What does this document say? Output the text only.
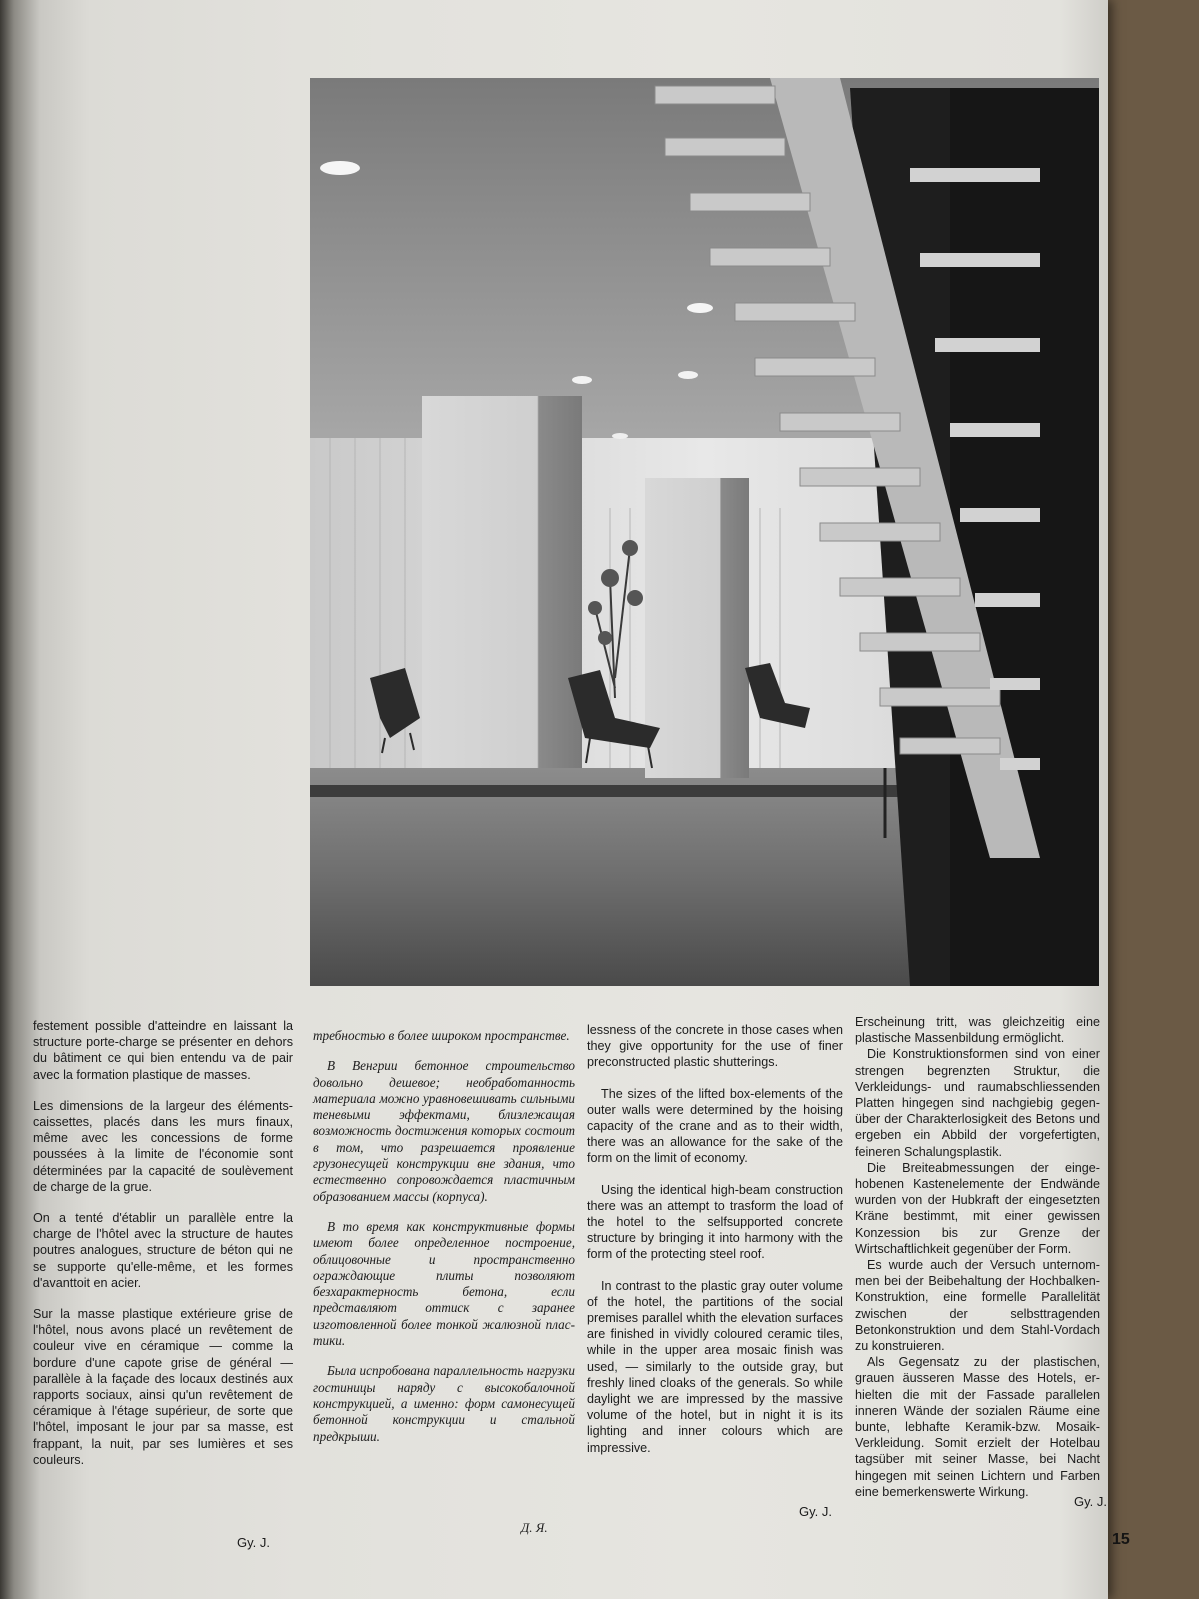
festement possible d'atteindre en laissant la structure porte-charge se présenter en dehors du bâtiment ce qui bien entendu va de pair avec la formation plastique de masses.

Les dimensions de la largeur des éléments-caissettes, placés dans les murs finaux, même avec les concessions de forme poussées à la limite de l'économie sont déterminées par la capacité de soulèvement de charge de la grue.

On a tenté d'établir un parallèle entre la charge de l'hôtel avec la structure de hautes poutres analogues, structure de béton qui ne se supporte qu'elle-même, et les formes d'avanttoit en acier.

Sur la masse plastique extérieure grise de l'hôtel, nous avons placé un revêtement de couleur vive en céramique — comme la bordure d'une capote grise de général — parallèle à la façade des locaux destinés aux rapports sociaux, ainsi qu'un revêtement de céramique à l'étage supérieur, de sorte que l'hôtel, imposant le jour par sa masse, est frappant, la nuit, par ses lumières et ses couleurs.

Gy. J.

требностью в более широком пространстве.

В Венгрии бетонное строительство довольно дешевое; необработанность материала можно уравновешивать сильными теневыми эффектами, близлежащая возможность достижения которых состоит в том, что разрешается проявление грузонесущей конструкции вне здания, что естественно сопровождается пластичным образованием массы (корпуса).

В то время как конструктивные формы имеют более определенное построение, облицовочные и пространственно ограждающие плиты позволяют безхарактерность бетона, если представляют оттиск с заранее изготовленной более тонкой жалюзной пластики.

Была испробована параллельность нагрузки гостиницы наряду с высокобалочной конструкцией, а именно: форм самонесущей бетонной конструкции и стальной предкрыши.

Д. Я.

lessness of the concrete in those cases when they give opportunity for the use of finer preconstructed plastic shutterings.

The sizes of the lifted box-elements of the outer walls were determined by the hoising capacity of the crane and as to their width, there was an allowance for the sake of the form on the limit of economy.

Using the identical high-beam construction there was an attempt to trasform the load of the hotel to the selfsupported concrete structure by bringing it into harmony with the form of the protecting steel roof.

In contrast to the plastic gray outer volume of the hotel, the partitions of the social premises parallel whith the elevation surfaces are finished in vividly coloured ceramic tiles, while in the upper area mosaic finish was used, — similarly to the outside gray, but freshly lined cloaks of the generals. So while daylight we are impressed by the massive volume of the hotel, but in night it is its lighting and inner colours which are impressive.

Gy. J.

Erscheinung tritt, was gleichzeitig eine plastische Massenbildung ermöglicht.

Die Konstruktionsformen sind von einer strengen begrenzten Struktur, die Verkleidungs- und raumabschliessenden Platten hingegen sind nachgiebig gegenüber der Charakterlosigkeit des Betons und ergeben ein Abbild der vorgefertigten, feineren Schalungsplastik.

Die Breiteabmessungen der eingehobenen Kastenelemente der Endwände wurden von der Hubkraft der eingesetzten Kräne bestimmt, mit einer gewissen Konzession bis zur Grenze der Wirtschaftlichkeit gegenüber der Form.

Es wurde auch der Versuch unternommen bei der Beibehaltung der Hochbalken-Konstruktion, eine formelle Parallelität zwischen der selbsttragenden Betonkonstruktion und dem Stahl-Vordach zu konstruieren.

Als Gegensatz zu der plastischen, grauen äusseren Masse des Hotels, erhielten die mit der Fassade parallelen inneren Wände der sozialen Räume eine bunte, lebhafte Keramik-bzw. Mosaik-Verkleidung. Somit erzielt der Hotelbau tagsüber mit seiner Masse, bei Nacht hingegen mit seinen Lichtern und Farben eine bemerkenswerte Wirkung.

Gy. J.
15
